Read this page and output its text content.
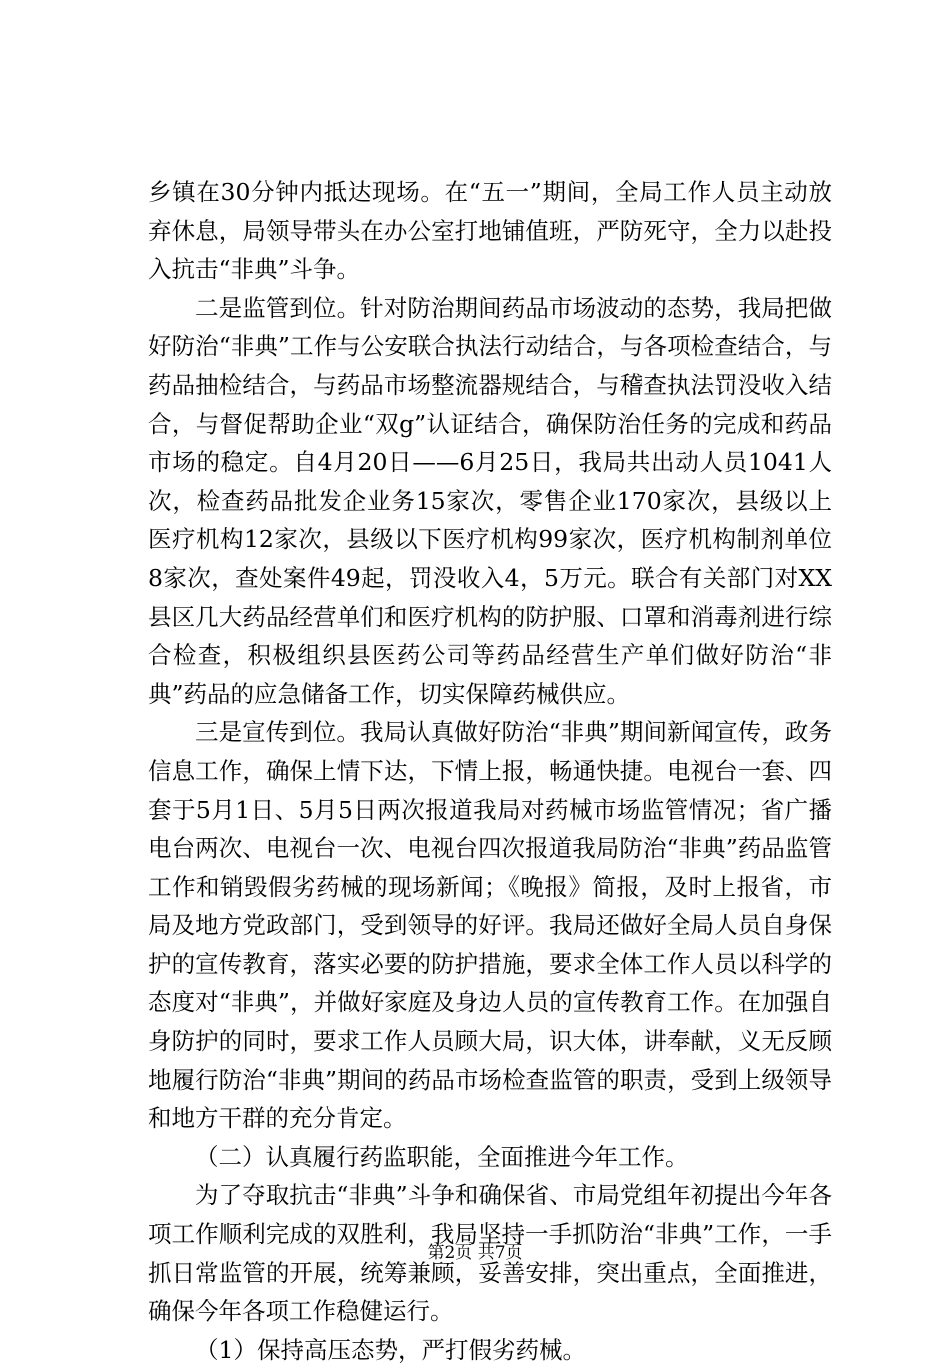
乡镇在30分钟内抵达现场。在“五一”期间，全局工作人员主动放弃休息，局领导带头在办公室打地铺值班，严防死守，全力以赴投入抗击“非典”斗争。

二是监管到位。针对防治期间药品市场波动的态势，我局把做好防治“非典”工作与公安联合执法行动结合，与各项检查结合，与药品抽检结合，与药品市场整流器规结合，与稽查执法罚没收入结合，与督促帮助企业“双g”认证结合，确保防治任务的完成和药品市场的稳定。自4月20日——6月25日，我局共出动人员1041人次，检查药品批发企业务15家次，零售企业170家次，县级以上医疗机构12家次，县级以下医疗机构99家次，医疗机构制剂单位8家次，查处案件49起，罚没收入4，5万元。联合有关部门对XX县区几大药品经营单们和医疗机构的防护服、口罩和消毒剂进行综合检查，积极组织县医药公司等药品经营生产单们做好防治“非典”药品的应急储备工作，切实保障药械供应。

三是宣传到位。我局认真做好防治“非典”期间新闻宣传，政务信息工作，确保上情下达，下情上报，畅通快捷。电视台一套、四套于5月1日、5月5日两次报道我局对药械市场监管情况；省广播电台两次、电视台一次、电视台四次报道我局防治“非典”药品监管工作和销毁假劣药械的现场新闻；《晚报》简报，及时上报省，市局及地方党政部门，受到领导的好评。我局还做好全局人员自身保护的宣传教育，落实必要的防护措施，要求全体工作人员以科学的态度对“非典”，并做好家庭及身边人员的宣传教育工作。在加强自身防护的同时，要求工作人员顾大局，识大体，讲奉献，义无反顾地履行防治“非典”期间的药品市场检查监管的职责，受到上级领导和地方干群的充分肯定。

（二）认真履行药监职能，全面推进今年工作。

为了夺取抗击“非典”斗争和确保省、市局党组年初提出今年各项工作顺利完成的双胜利，我局坚持一手抓防治“非典”工作，一手抓日常监管的开展，统筹兼顾，妥善安排，突出重点，全面推进，确保今年各项工作稳健运行。

（1）保持高压态势，严打假劣药械。

第2页 共7页
